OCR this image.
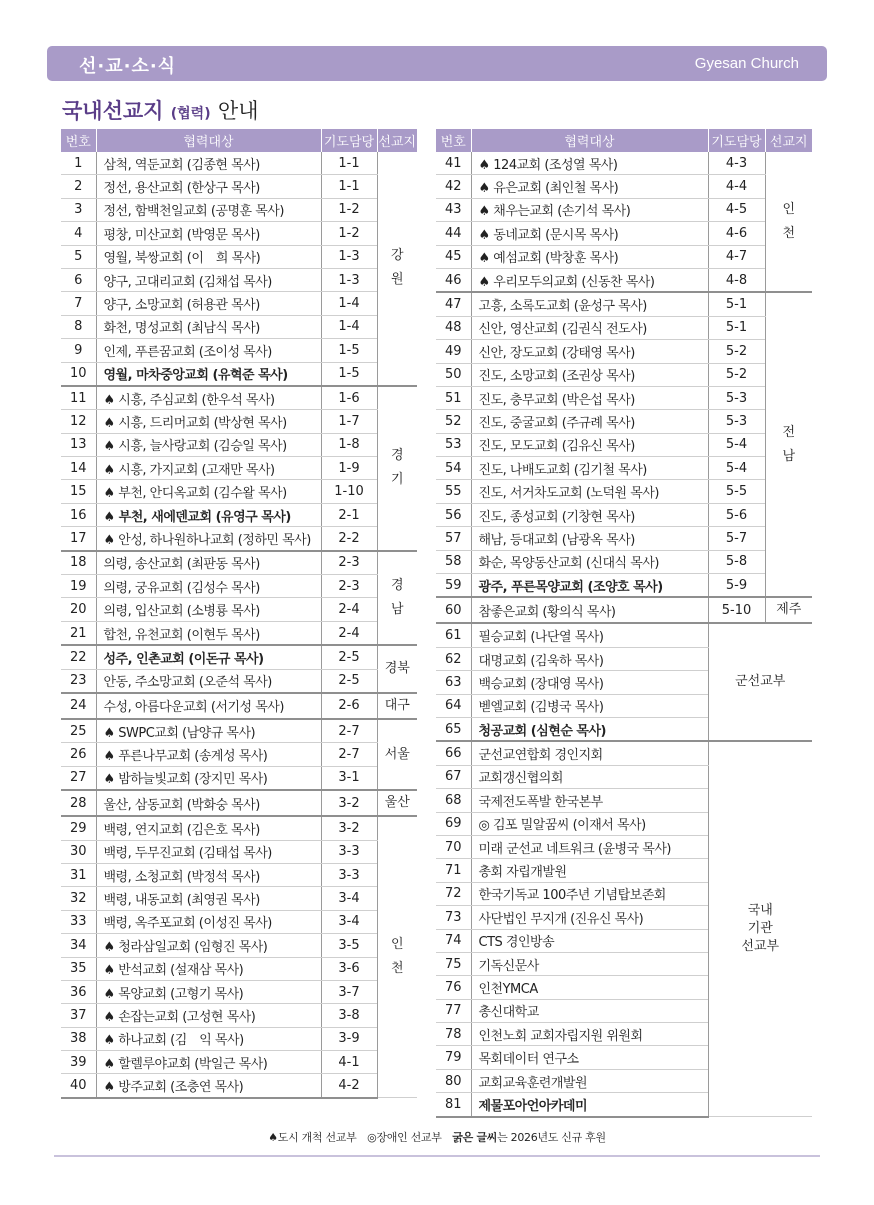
선·교·소·식	Gyesan Church
국내선교지 (협력) 안내
번호	협력대상	기도담당	선교지
1	삼척, 역둔교회 (김종현 목사)	1-1	강
원
2	정선, 용산교회 (한상구 목사)	1-1	
3	정선, 함백천일교회 (공명훈 목사)	1-2	
4	평창, 미산교회 (박영문 목사)	1-2	
5	영월, 북쌍교회 (이　희 목사)	1-3	
6	양구, 고대리교회 (김채섭 목사)	1-3	
7	양구, 소망교회 (허용관 목사)	1-4	
8	화천, 명성교회 (최남식 목사)	1-4	
9	인제, 푸른꿈교회 (조이성 목사)	1-5	
10	영월, 마차중앙교회 (유혁준 목사)	1-5	
11	♠ 시흥, 주심교회 (한우석 목사)	1-6	경
기
12	♠ 시흥, 드리머교회 (박상현 목사)	1-7	
13	♠ 시흥, 늘사랑교회 (김승일 목사)	1-8	
14	♠ 시흥, 가지교회 (고재만 목사)	1-9	
15	♠ 부천, 안디옥교회 (김수왈 목사)	1-10	
16	♠ 부천, 새에덴교회 (유영구 목사)	2-1	
17	♠ 안성, 하나원하나교회 (정하민 목사)	2-2	
18	의령, 송산교회 (최판동 목사)	2-3	경
남
19	의령, 궁유교회 (김성수 목사)	2-3	
20	의령, 입산교회 (소병룡 목사)	2-4	
21	합천, 유천교회 (이현두 목사)	2-4	
22	성주, 인촌교회 (이돈규 목사)	2-5	경북
23	안동, 주소망교회 (오준석 목사)	2-5	
24	수성, 아름다운교회 (서기성 목사)	2-6	대구
25	♠ SWPC교회 (남양규 목사)	2-7	서울
26	♠ 푸른나무교회 (송계성 목사)	2-7	
27	♠ 밤하늘빛교회 (장지민 목사)	3-1	
28	울산, 삼동교회 (박화숭 목사)	3-2	울산
29	백령, 연지교회 (김은호 목사)	3-2	인
천
30	백령, 두무진교회 (김태섭 목사)	3-3	
31	백령, 소청교회 (박정석 목사)	3-3	
32	백령, 내동교회 (최영권 목사)	3-4	
33	백령, 옥주포교회 (이성진 목사)	3-4	
34	♠ 청라삼일교회 (임형진 목사)	3-5	
35	♠ 반석교회 (설재삼 목사)	3-6	
36	♠ 목양교회 (고형기 목사)	3-7	
37	♠ 손잡는교회 (고성현 목사)	3-8	
38	♠ 하나교회 (김　익 목사)	3-9	
39	♠ 할렐루야교회 (박일근 목사)	4-1	
40	♠ 방주교회 (조충연 목사)	4-2	
번호	협력대상	기도담당	선교지
41	♠ 124교회 (조성열 목사)	4-3	인
천
42	♠ 유은교회 (최인철 목사)	4-4	
43	♠ 채우는교회 (손기석 목사)	4-5	
44	♠ 동네교회 (문시목 목사)	4-6	
45	♠ 예섬교회 (박창훈 목사)	4-7	
46	♠ 우리모두의교회 (신동찬 목사)	4-8	
47	고흥, 소록도교회 (윤성구 목사)	5-1	전
남
48	신안, 영산교회 (김권식 전도사)	5-1	
49	신안, 장도교회 (강태영 목사)	5-2	
50	진도, 소망교회 (조권상 목사)	5-2	
51	진도, 충무교회 (박은섭 목사)	5-3	
52	진도, 중굴교회 (주규례 목사)	5-3	
53	진도, 모도교회 (김유신 목사)	5-4	
54	진도, 나배도교회 (김기철 목사)	5-4	
55	진도, 서거차도교회 (노덕원 목사)	5-5	
56	진도, 종성교회 (기창현 목사)	5-6	
57	해남, 등대교회 (남광옥 목사)	5-7	
58	화순, 목양동산교회 (신대식 목사)	5-8	
59	광주, 푸른목양교회 (조양호 목사)	5-9	
60	참좋은교회 (황의식 목사)	5-10	제주
61	필승교회 (나단열 목사)	군선교부	
62	대명교회 (김욱하 목사)		
63	백승교회 (장대영 목사)		
64	벧엘교회 (김병국 목사)		
65	청공교회 (심현순 목사)		
66	군선교연합회 경인지회	국내
기관
선교부	
67	교회갱신협의회		
68	국제전도폭발 한국본부		
69	◎ 김포 밀알꿈씨 (이재서 목사)		
70	미래 군선교 네트워크 (윤병국 목사)		
71	총회 자립개발원		
72	한국기독교 100주년 기념탑보존회		
73	사단법인 무지개 (진유신 목사)		
74	CTS 경인방송		
75	기독신문사		
76	인천YMCA		
77	총신대학교		
78	인천노회 교회자립지원 위원회		
79	목회데이터 연구소		
80	교회교육훈련개발원		
81	제물포아언아카데미		
♠도시 개척 선교부　◎장애인 선교부　굵은 글씨는 2026년도 신규 후원
